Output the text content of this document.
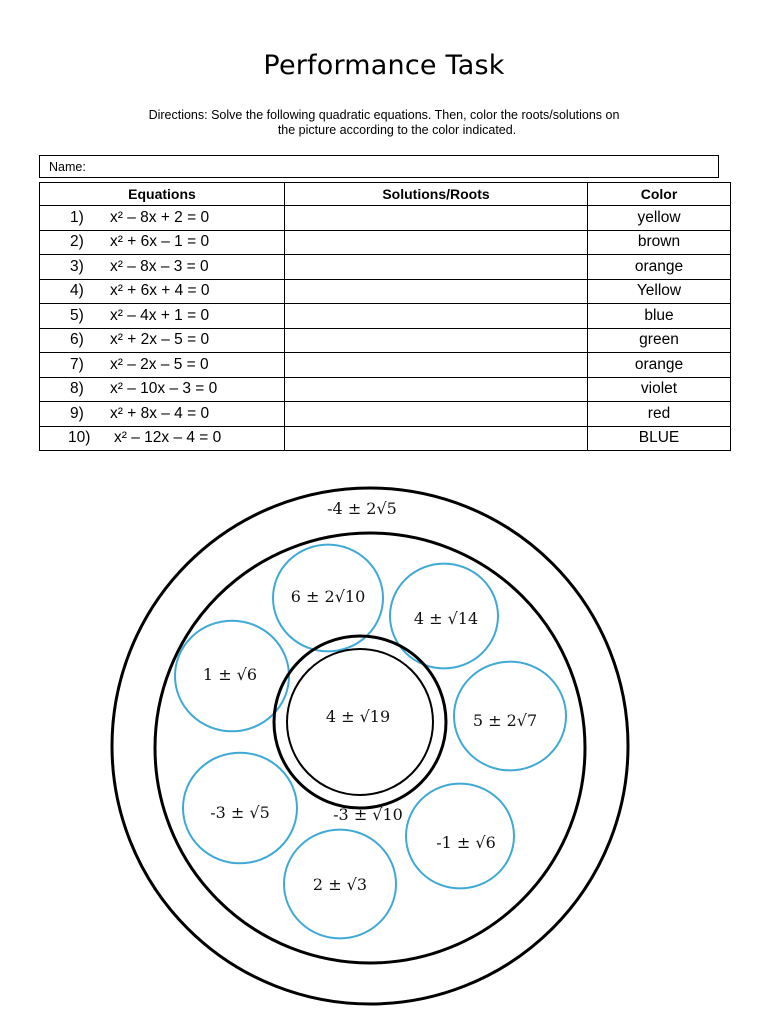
Performance Task
Directions: Solve the following quadratic equations. Then, color the roots/solutions on
the picture according to the color indicated.
Name:
Equations	Solutions/Roots	Color
1) x² – 8x + 2 = 0		yellow
2) x² + 6x – 1 = 0		brown
3) x² – 8x – 3 = 0		orange
4) x² + 6x + 4 = 0		Yellow
5) x² – 4x + 1 = 0		blue
6) x² + 2x – 5 = 0		green
7) x² – 2x – 5 = 0		orange
8) x² – 10x – 3 = 0		violet
9) x² + 8x – 4 = 0		red
10) x² – 12x – 4 = 0		BLUE
-4 ± 2√5
4 ± √19
-3 ± √10
6 ± 2√10
4 ± √14
5 ± 2√7
-1 ± √6
2 ± √3
-3 ± √5
1 ± √6
